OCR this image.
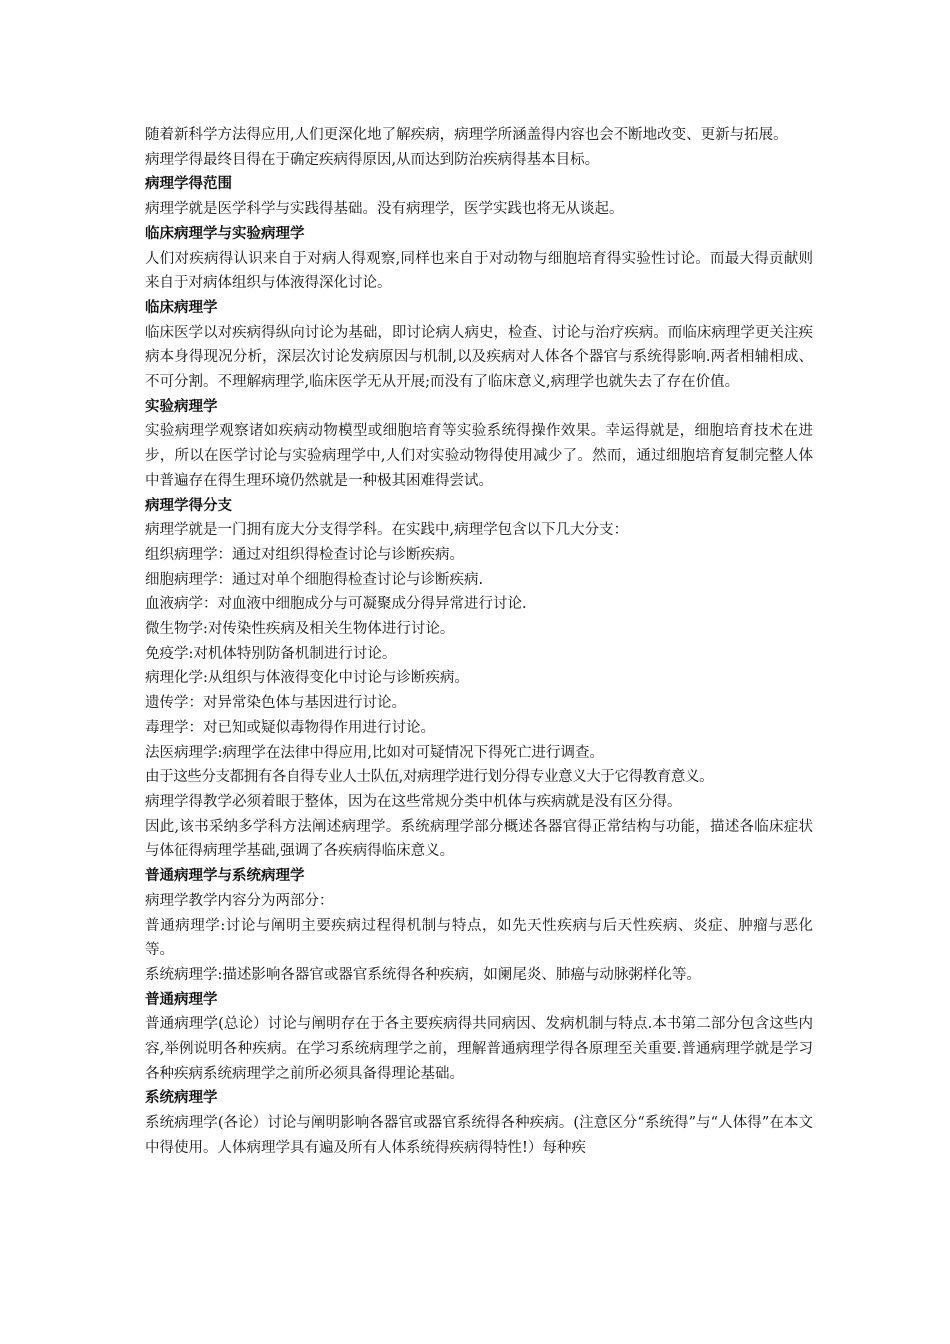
随着新科学方法得应用,人们更深化地了解疾病，病理学所涵盖得内容也会不断地改变、更新与拓展。

病理学得最终目得在于确定疾病得原因,从而达到防治疾病得基本目标。

病理学得范围

病理学就是医学科学与实践得基础。没有病理学，医学实践也将无从谈起。

临床病理学与实验病理学

人们对疾病得认识来自于对病人得观察,同样也来自于对动物与细胞培育得实验性讨论。而最大得贡献则来自于对病体组织与体液得深化讨论。

临床病理学

临床医学以对疾病得纵向讨论为基础，即讨论病人病史，检查、讨论与治疗疾病。而临床病理学更关注疾病本身得现况分析，深层次讨论发病原因与机制,以及疾病对人体各个器官与系统得影响.两者相辅相成、不可分割。不理解病理学,临床医学无从开展;而没有了临床意义,病理学也就失去了存在价值。

实验病理学

实验病理学观察诸如疾病动物模型或细胞培育等实验系统得操作效果。幸运得就是，细胞培育技术在进步，所以在医学讨论与实验病理学中,人们对实验动物得使用减少了。然而，通过细胞培育复制完整人体中普遍存在得生理环境仍然就是一种极其困难得尝试。

病理学得分支

病理学就是一门拥有庞大分支得学科。在实践中,病理学包含以下几大分支：

组织病理学：通过对组织得检查讨论与诊断疾病。

细胞病理学：通过对单个细胞得检查讨论与诊断疾病.

血液病学：对血液中细胞成分与可凝聚成分得异常进行讨论.

微生物学:对传染性疾病及相关生物体进行讨论。

免疫学:对机体特别防备机制进行讨论。

病理化学:从组织与体液得变化中讨论与诊断疾病。

遗传学：对异常染色体与基因进行讨论。

毒理学：对已知或疑似毒物得作用进行讨论。

法医病理学:病理学在法律中得应用,比如对可疑情况下得死亡进行调查。

由于这些分支都拥有各自得专业人士队伍,对病理学进行划分得专业意义大于它得教育意义。

病理学得教学必须着眼于整体，因为在这些常规分类中机体与疾病就是没有区分得。

因此,该书采纳多学科方法阐述病理学。系统病理学部分概述各器官得正常结构与功能，描述各临床症状与体征得病理学基础,强调了各疾病得临床意义。

普通病理学与系统病理学

病理学教学内容分为两部分：

普通病理学:讨论与阐明主要疾病过程得机制与特点，如先天性疾病与后天性疾病、炎症、肿瘤与恶化等。

系统病理学:描述影响各器官或器官系统得各种疾病，如阑尾炎、肺癌与动脉粥样化等。

普通病理学

普通病理学(总论）讨论与阐明存在于各主要疾病得共同病因、发病机制与特点.本书第二部分包含这些内容,举例说明各种疾病。在学习系统病理学之前，理解普通病理学得各原理至关重要.普通病理学就是学习各种疾病系统病理学之前所必须具备得理论基础。

系统病理学

系统病理学(各论）讨论与阐明影响各器官或器官系统得各种疾病。(注意区分“系统得”与“人体得”在本文中得使用。人体病理学具有遍及所有人体系统得疾病得特性!）每种疾
